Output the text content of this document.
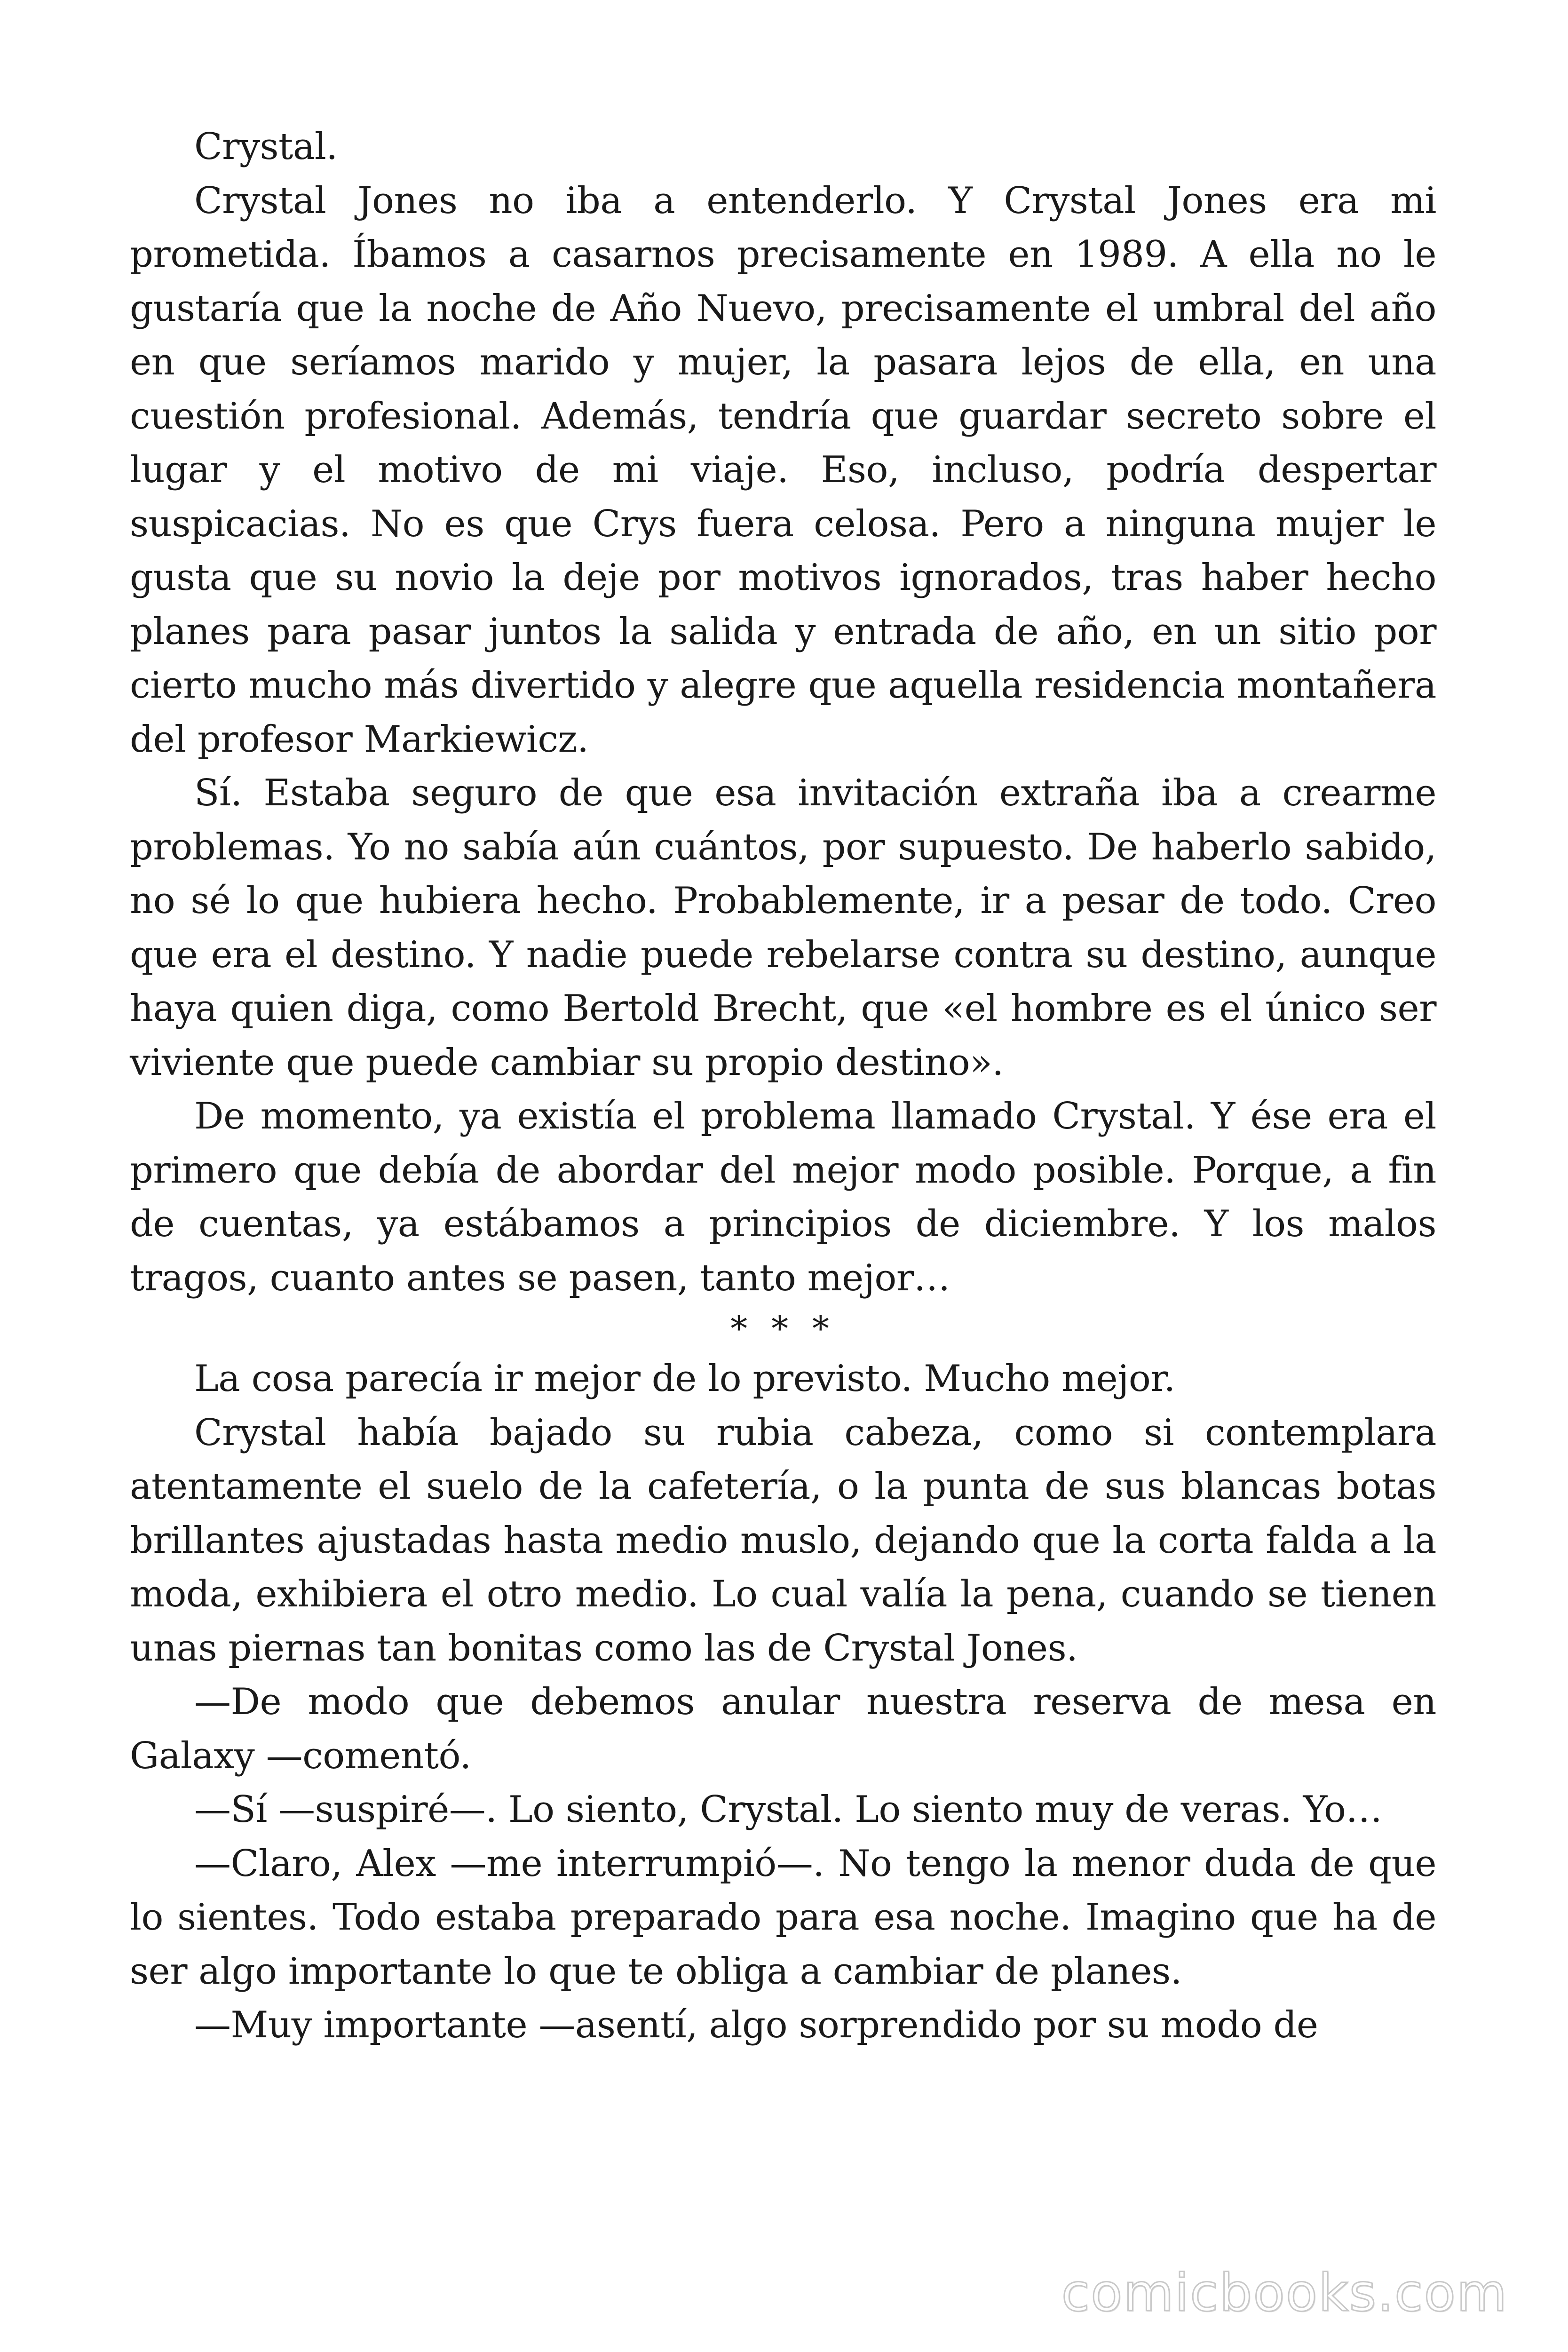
Crystal.

Crystal Jones no iba a entenderlo. Y Crystal Jones era mi prometida. Íbamos a casarnos precisamente en 1989. A ella no le gustaría que la noche de Año Nuevo, precisamente el umbral del año en que seríamos marido y mujer, la pasara lejos de ella, en una cuestión profesional. Además, tendría que guardar secreto sobre el lugar y el motivo de mi viaje. Eso, incluso, podría despertar suspicacias. No es que Crys fuera celosa. Pero a ninguna mujer le gusta que su novio la deje por motivos ignorados, tras haber hecho planes para pasar juntos la salida y entrada de año, en un sitio por cierto mucho más divertido y alegre que aquella residencia montañera del profesor Markiewicz.

Sí. Estaba seguro de que esa invitación extraña iba a crearme problemas. Yo no sabía aún cuántos, por supuesto. De haberlo sabido, no sé lo que hubiera hecho. Probablemente, ir a pesar de todo. Creo que era el destino. Y nadie puede rebelarse contra su destino, aunque haya quien diga, como Bertold Brecht, que «el hombre es el único ser viviente que puede cambiar su propio destino».

De momento, ya existía el problema llamado Crystal. Y ése era el primero que debía de abordar del mejor modo posible. Porque, a fin de cuentas, ya estábamos a principios de diciembre. Y los malos tragos, cuanto antes se pasen, tanto mejor…

* * *

La cosa parecía ir mejor de lo previsto. Mucho mejor.

Crystal había bajado su rubia cabeza, como si contemplara atentamente el suelo de la cafetería, o la punta de sus blancas botas brillantes ajustadas hasta medio muslo, dejando que la corta falda a la moda, exhibiera el otro medio. Lo cual valía la pena, cuando se tienen unas piernas tan bonitas como las de Crystal Jones.

—De modo que debemos anular nuestra reserva de mesa en Galaxy —comentó.

—Sí —suspiré—. Lo siento, Crystal. Lo siento muy de veras. Yo…

—Claro, Alex —me interrumpió—. No tengo la menor duda de que lo sientes. Todo estaba preparado para esa noche. Imagino que ha de ser algo importante lo que te obliga a cambiar de planes.

—Muy importante —asentí, algo sorprendido por su modo de

comicbooks.com
